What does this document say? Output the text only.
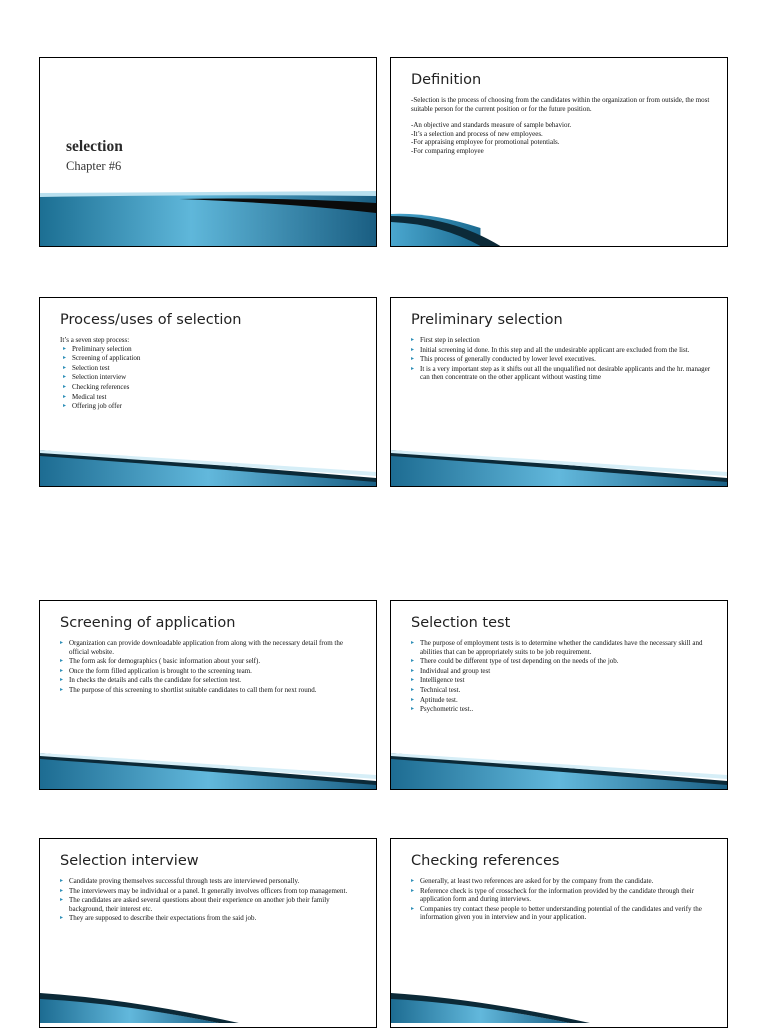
selection
Chapter #6
Definition

-Selection is the process of choosing from the candidates within the organization or from outside, the most suitable person for the current position or for the future position.

-An objective and standards measure of sample behavior.

-It’s a selection and process of new employees.

-For appraising employee for promotional potentials.

-For comparing employee

Process/uses of selection

It’s a seven step process:

▸ Preliminary selection
▸ Screening of application
▸ Selection test
▸ Selection interview
▸ Checking references
▸ Medical test
▸ Offering job offer
Preliminary selection
▸ First step in selection
▸ Initial screening id done. In this step and all the undesirable applicant are excluded from the list.
▸ This process of generally conducted by lower level executives.
▸ It is a very important step as it shifts out all the unqualified not desirable applicants and the hr. manager can then concentrate on the other applicant without wasting time
Screening of application
▸ Organization can provide downloadable application from along with the necessary detail from the official website.
▸ The form ask for demographics ( basic information about your self).
▸ Once the form filled application is brought to the screening team.
▸ In checks the details and calls the candidate for selection test.
▸ The purpose of this screening to shortlist suitable candidates to call them for next round.
Selection test
▸ The purpose of employment tests is to determine whether the candidates have the necessary skill and abilities that can be appropriately suits to be job requirement.
▸ There could be different type of test depending on the needs of the job.
▸ Individual and group test
▸ Intelligence test
▸ Technical test.
▸ Aptitude test.
▸ Psychometric test..
Selection interview
▸ Candidate proving themselves successful through tests are interviewed personally.
▸ The interviewers may be individual or a panel. It generally involves officers from top management.
▸ The candidates are asked several questions about their experience on another job their family background, their interest etc.
▸ They are supposed to describe their expectations from the said job.
Checking references
▸ Generally, at least two references are asked for by the company from the candidate.
▸ Reference check is type of crosscheck for the information provided by the candidate through their application form and during interviews.
▸ Companies try contact these people to better understanding potential of the candidates and verify the information given you in interview and in your application.
